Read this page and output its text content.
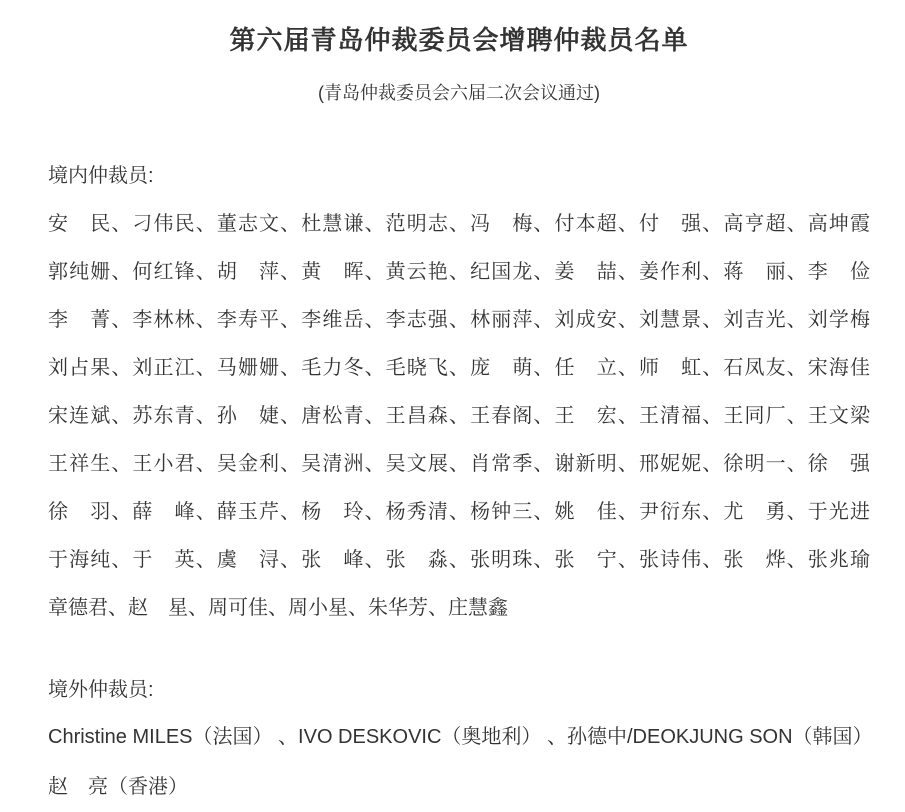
第六届青岛仲裁委员会增聘仲裁员名单
(青岛仲裁委员会六届二次会议通过)
境内仲裁员:
安　民、刁伟民、董志文、杜慧谦、范明志、冯　梅、付本超、付　强、高亨超、高坤霞
郭纯姗、何红锋、胡　萍、黄　晖、黄云艳、纪国龙、姜　喆、姜作利、蒋　丽、李　俭
李　菁、李林林、李寿平、李维岳、李志强、林丽萍、刘成安、刘慧景、刘吉光、刘学梅
刘占果、刘正江、马姗姗、毛力冬、毛晓飞、庞　萌、任　立、师　虹、石凤友、宋海佳
宋连斌、苏东青、孙　婕、唐松青、王昌森、王春阁、王　宏、王清福、王同厂、王文梁
王祥生、王小君、吴金利、吴清洲、吴文展、肖常季、谢新明、邢妮妮、徐明一、徐　强
徐　羽、薛　峰、薛玉芹、杨　玲、杨秀清、杨钟三、姚　佳、尹衍东、尤　勇、于光进
于海纯、于　英、虞　浔、张　峰、张　淼、张明珠、张　宁、张诗伟、张　烨、张兆瑜
章德君、赵　星、周可佳、周小星、朱华芳、庄慧鑫
境外仲裁员:
Christine MILES（法国） 、IVO DESKOVIC（奥地利） 、孙德中/DEOKJUNG SON（韩国）
赵　亮（香港）
